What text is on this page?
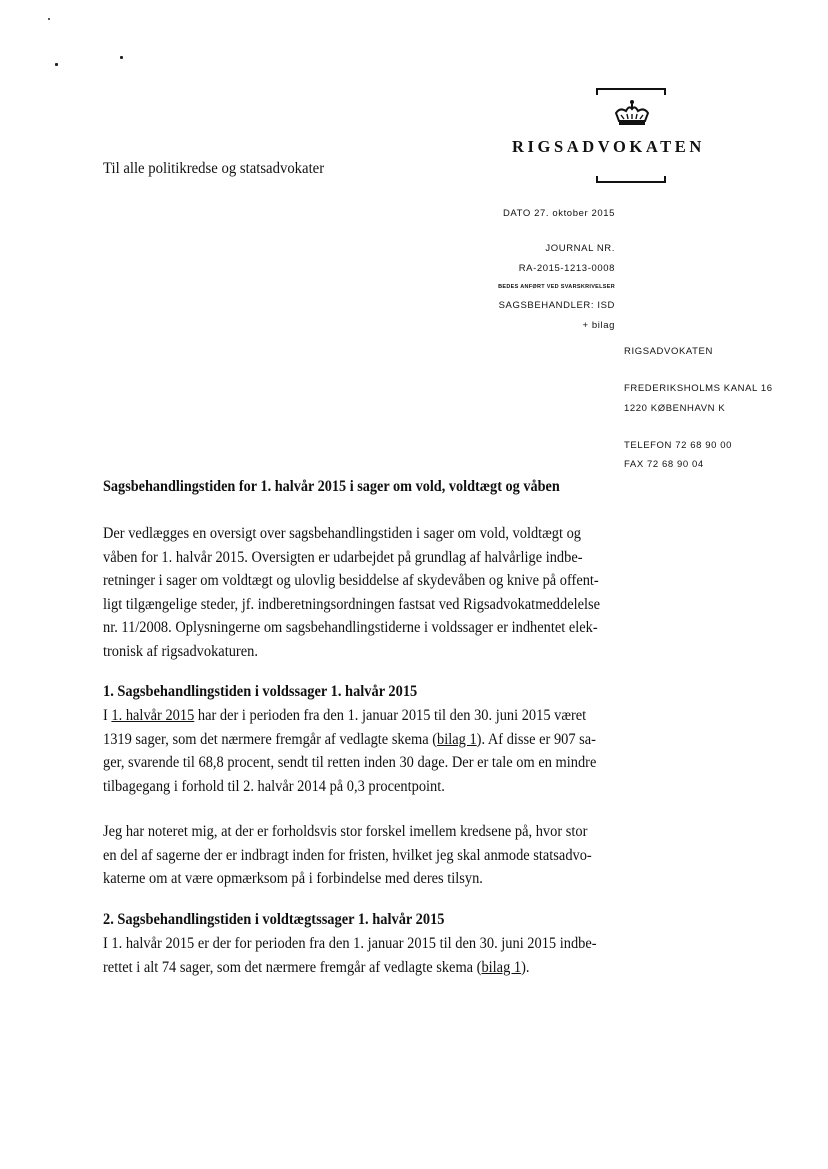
RIGSADVOKATEN
Til alle politikredse og statsadvokater
DATO 27. oktober 2015
JOURNAL NR.
RA-2015-1213-0008
BEDES ANFØRT VED SVARSKRIVELSER
SAGSBEHANDLER: ISD
+ bilag
RIGSADVOKATEN
FREDERIKSHOLMS KANAL 16
1220 KØBENHAVN K
TELEFON 72 68 90 00
FAX 72 68 90 04
Sagsbehandlingstiden for 1. halvår 2015 i sager om vold, voldtægt og våben
Der vedlægges en oversigt over sagsbehandlingstiden i sager om vold, voldtægt og
våben for 1. halvår 2015. Oversigten er udarbejdet på grundlag af halvårlige indbe-
retninger i sager om voldtægt og ulovlig besiddelse af skydevåben og knive på offent-
ligt tilgængelige steder, jf. indberetningsordningen fastsat ved Rigsadvokatmeddelelse
nr. 11/2008. Oplysningerne om sagsbehandlingstiderne i voldssager er indhentet elek-
tronisk af rigsadvokaturen.
1. Sagsbehandlingstiden i voldssager 1. halvår 2015
I 1. halvår 2015 har der i perioden fra den 1. januar 2015 til den 30. juni 2015 været
1319 sager, som det nærmere fremgår af vedlagte skema (bilag 1). Af disse er 907 sa-
ger, svarende til 68,8 procent, sendt til retten inden 30 dage. Der er tale om en mindre
tilbagegang i forhold til 2. halvår 2014 på 0,3 procentpoint.
Jeg har noteret mig, at der er forholdsvis stor forskel imellem kredsene på, hvor stor
en del af sagerne der er indbragt inden for fristen, hvilket jeg skal anmode statsadvo-
katerne om at være opmærksom på i forbindelse med deres tilsyn.
2. Sagsbehandlingstiden i voldtægtssager 1. halvår 2015
I 1. halvår 2015 er der for perioden fra den 1. januar 2015 til den 30. juni 2015 indbe-
rettet i alt 74 sager, som det nærmere fremgår af vedlagte skema (bilag 1).
